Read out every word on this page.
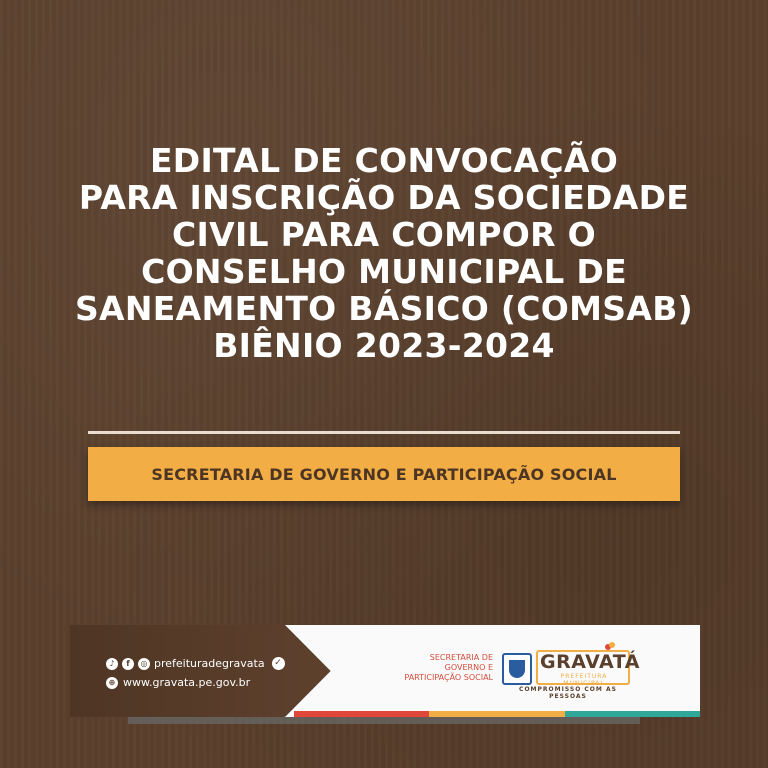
EDITAL DE CONVOCAÇÃO
PARA INSCRIÇÃO DA SOCIEDADE
CIVIL PARA COMPOR O
CONSELHO MUNICIPAL DE
SANEAMENTO BÁSICO (COMSAB)
BIÊNIO 2023-2024
SECRETARIA DE GOVERNO E PARTICIPAÇÃO SOCIAL
♪	f	◎ prefeituradegravata	✓
⊕ www.gravata.pe.gov.br
SECRETARIA DE
GOVERNO E
PARTICIPAÇÃO SOCIAL
GRAVATÁ
PREFEITURA MUNICIPAL
COMPROMISSO COM AS PESSOAS
